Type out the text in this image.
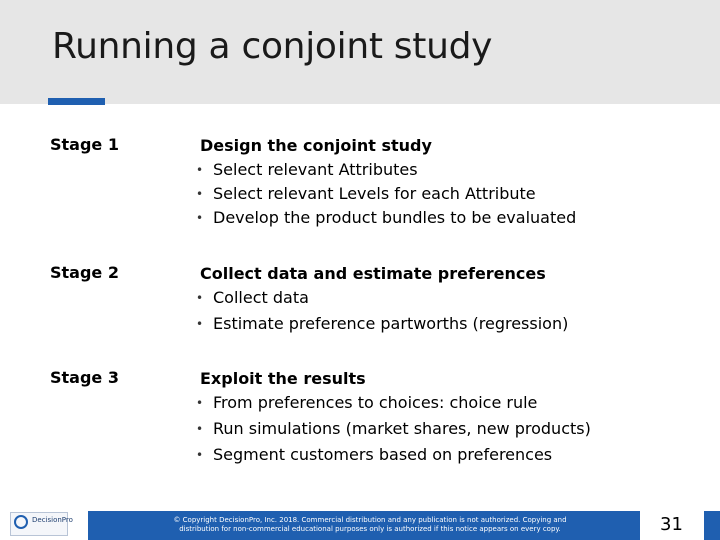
Running a conjoint study
Stage 1	Design the conjoint study
• Select relevant Attributes
• Select relevant Levels for each Attribute
• Develop the product bundles to be evaluated
Stage 2	Collect data and estimate preferences
• Collect data
• Estimate preference partworths (regression)
Stage 3	Exploit the results
• From preferences to choices: choice rule
• Run simulations (market shares, new products)
• Segment customers based on preferences
DecisionPro	© Copyright DecisionPro, Inc. 2018. Commercial distribution and any publication is not authorized. Copying and
distribution for non-commercial educational purposes only is authorized if this notice appears on every copy.	31
